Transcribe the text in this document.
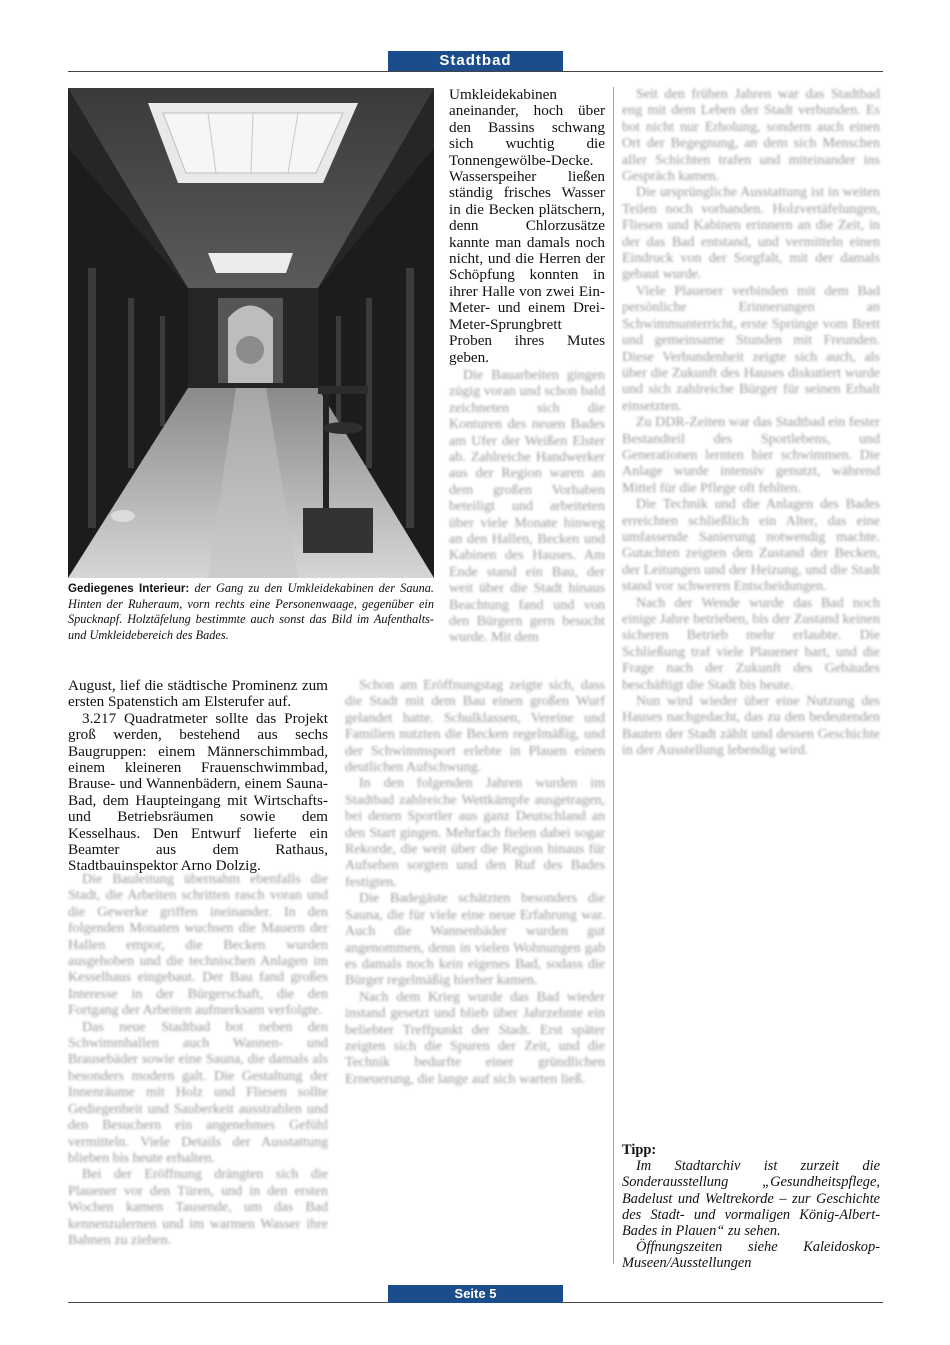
Stadtbad
Gediegenes Interieur: der Gang zu den Umkleidekabinen der Sauna. Hinten der Ruheraum, vorn rechts eine Personenwaage, gegenüber ein Spucknapf. Holztäfelung bestimmte auch sonst das Bild im Aufenthalts- und Umkleidebereich des Bades.

Umkleidekabinen aneinander, hoch über den Bassins schwang sich wuchtig die Tonnengewölbe-Decke. Wasserspeiher ließen ständig frisches Wasser in die Becken plätschern, denn Chlorzusätze kannte man damals noch nicht, und die Herren der Schöpfung konnten in ihrer Halle von zwei Ein-Meter- und einem Drei-Meter-Sprungbrett Proben ihres Mutes geben.

Die Bauarbeiten gingen zügig voran und schon bald zeichneten sich die Konturen des neuen Bades am Ufer der Weißen Elster ab. Zahlreiche Handwerker aus der Region waren an dem großen Vorhaben beteiligt und arbeiteten über viele Monate hinweg an den Hallen, Becken und Kabinen des Hauses. Am Ende stand ein Bau, der weit über die Stadt hinaus Beachtung fand und von den Bürgern gern besucht wurde. Mit dem

August, lief die städtische Prominenz zum ersten Spatenstich am Elsterufer auf.

3.217 Quadratmeter sollte das Projekt groß werden, bestehend aus sechs Baugruppen: einem Männerschimmbad, einem kleineren Frauenschwimmbad, Brause- und Wannenbädern, einem Sauna-Bad, dem Haupteingang mit Wirtschafts- und Betriebsräumen sowie dem Kesselhaus. Den Entwurf lieferte ein Beamter aus dem Rathaus, Stadtbauinspektor Arno Dolzig.

Die Bauleitung übernahm ebenfalls die Stadt, die Arbeiten schritten rasch voran und die Gewerke griffen ineinander. In den folgenden Monaten wuchsen die Mauern der Hallen empor, die Becken wurden ausgehoben und die technischen Anlagen im Kesselhaus eingebaut. Der Bau fand großes Interesse in der Bürgerschaft, die den Fortgang der Arbeiten aufmerksam verfolgte.

Das neue Stadtbad bot neben den Schwimmhallen auch Wannen- und Brausebäder sowie eine Sauna, die damals als besonders modern galt. Die Gestaltung der Innenräume mit Holz und Fliesen sollte Gediegenheit und Sauberkeit ausstrahlen und den Besuchern ein angenehmes Gefühl vermitteln. Viele Details der Ausstattung blieben bis heute erhalten.

Bei der Eröffnung drängten sich die Plauener vor den Türen, und in den ersten Wochen kamen Tausende, um das Bad kennenzulernen und im warmen Wasser ihre Bahnen zu ziehen.

Schon am Eröffnungstag zeigte sich, dass die Stadt mit dem Bau einen großen Wurf gelandet hatte. Schulklassen, Vereine und Familien nutzten die Becken regelmäßig, und der Schwimmsport erlebte in Plauen einen deutlichen Aufschwung.

In den folgenden Jahren wurden im Stadtbad zahlreiche Wettkämpfe ausgetragen, bei denen Sportler aus ganz Deutschland an den Start gingen. Mehrfach fielen dabei sogar Rekorde, die weit über die Region hinaus für Aufsehen sorgten und den Ruf des Bades festigten.

Die Badegäste schätzten besonders die Sauna, die für viele eine neue Erfahrung war. Auch die Wannenbäder wurden gut angenommen, denn in vielen Wohnungen gab es damals noch kein eigenes Bad, sodass die Bürger regelmäßig hierher kamen.

Nach dem Krieg wurde das Bad wieder instand gesetzt und blieb über Jahrzehnte ein beliebter Treffpunkt der Stadt. Erst später zeigten sich die Spuren der Zeit, und die Technik bedurfte einer gründlichen Erneuerung, die lange auf sich warten ließ.

Seit den frühen Jahren war das Stadtbad eng mit dem Leben der Stadt verbunden. Es bot nicht nur Erholung, sondern auch einen Ort der Begegnung, an dem sich Menschen aller Schichten trafen und miteinander ins Gespräch kamen.

Die ursprüngliche Ausstattung ist in weiten Teilen noch vorhanden. Holzvertäfelungen, Fliesen und Kabinen erinnern an die Zeit, in der das Bad entstand, und vermitteln einen Eindruck von der Sorgfalt, mit der damals gebaut wurde.

Viele Plauener verbinden mit dem Bad persönliche Erinnerungen an Schwimmunterricht, erste Sprünge vom Brett und gemeinsame Stunden mit Freunden. Diese Verbundenheit zeigte sich auch, als über die Zukunft des Hauses diskutiert wurde und sich zahlreiche Bürger für seinen Erhalt einsetzten.

Zu DDR-Zeiten war das Stadtbad ein fester Bestandteil des Sportlebens, und Generationen lernten hier schwimmen. Die Anlage wurde intensiv genutzt, während Mittel für die Pflege oft fehlten.

Die Technik und die Anlagen des Bades erreichten schließlich ein Alter, das eine umfassende Sanierung notwendig machte. Gutachten zeigten den Zustand der Becken, der Leitungen und der Heizung, und die Stadt stand vor schweren Entscheidungen.

Nach der Wende wurde das Bad noch einige Jahre betrieben, bis der Zustand keinen sicheren Betrieb mehr erlaubte. Die Schließung traf viele Plauener hart, und die Frage nach der Zukunft des Gebäudes beschäftigt die Stadt bis heute.

Nun wird wieder über eine Nutzung des Hauses nachgedacht, das zu den bedeutenden Bauten der Stadt zählt und dessen Geschichte in der Ausstellung lebendig wird.

Tipp:
Im Stadtarchiv ist zurzeit die Sonderausstellung „Gesundheitspflege, Badelust und Weltrekorde – zur Geschichte des Stadt- und vormaligen König-Albert-Bades in Plauen“ zu sehen.
Öffnungszeiten siehe Kaleidoskop-Museen/Ausstellungen
Seite 5
